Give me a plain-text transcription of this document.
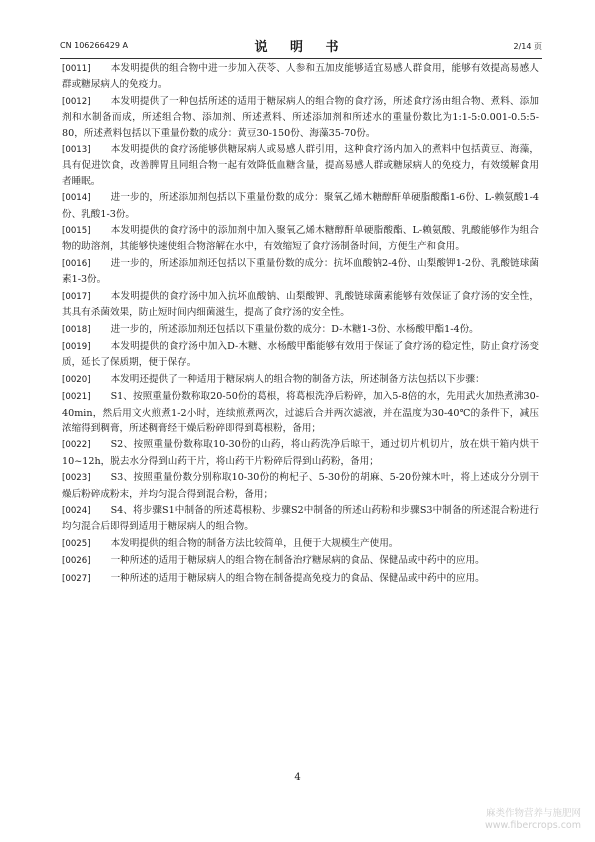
CN 106266429 A	说 明 书	2/14 页

[0011] 本发明提供的组合物中进一步加入茯苓、人参和五加皮能够适宜易感人群食用，能够有效提高易感人群或糖尿病人的免疫力。

[0012] 本发明提供了一种包括所述的适用于糖尿病人的组合物的食疗汤，所述食疗汤由组合物、煮料、添加剂和水制备而成，所述组合物、添加剂、所述煮料、所述添加剂和所述水的重量份数比为1:1-5:0.001-0.5:5-80，所述煮料包括以下重量份数的成分：黄豆30-150份、海藻35-70份。

[0013] 本发明提供的食疗汤能够供糖尿病人或易感人群引用，这种食疗汤内加入的煮料中包括黄豆、海藻，具有促进饮食，改善脾胃且同组合物一起有效降低血糖含量，提高易感人群或糖尿病人的免疫力，有效缓解食用者睡眠。

[0014] 进一步的，所述添加剂包括以下重量份数的成分：聚氧乙烯木糖醇酐单硬脂酸酯1-6份、L-赖氨酸1-4份、乳酸1-3份。

[0015] 本发明提供的食疗汤中的添加剂中加入聚氧乙烯木糖醇酐单硬脂酸酯、L-赖氨酸、乳酸能够作为组合物的助溶剂，其能够快速使组合物溶解在水中，有效缩短了食疗汤制备时间，方便生产和食用。

[0016] 进一步的，所述添加剂还包括以下重量份数的成分：抗坏血酸钠2-4份、山梨酸钾1-2份、乳酸链球菌素1-3份。

[0017] 本发明提供的食疗汤中加入抗坏血酸钠、山梨酸钾、乳酸链球菌素能够有效保证了食疗汤的安全性，其具有杀菌效果，防止短时间内细菌滋生，提高了食疗汤的安全性。

[0018] 进一步的，所述添加剂还包括以下重量份数的成分：D-木糖1-3份、水杨酸甲酯1-4份。

[0019] 本发明提供的食疗汤中加入D-木糖、水杨酸甲酯能够有效用于保证了食疗汤的稳定性，防止食疗汤变质，延长了保质期，便于保存。

[0020] 本发明还提供了一种适用于糖尿病人的组合物的制备方法，所述制备方法包括以下步骤：

[0021] S1、按照重量份数称取20-50份的葛根，将葛根洗净后粉碎，加入5-8倍的水，先用武火加热煮沸30-40min，然后用文火煎煮1-2小时，连续煎煮两次，过滤后合并两次滤液，并在温度为30-40℃的条件下，减压浓缩得到稠膏，所述稠膏经干燥后粉碎即得到葛根粉，备用；

[0022] S2、按照重量份数称取10-30份的山药，将山药洗净后晾干，通过切片机切片，放在烘干箱内烘干10~12h，脱去水分得到山药干片，将山药干片粉碎后得到山药粉，备用；

[0023] S3、按照重量份数分别称取10-30份的枸杞子、5-30份的胡麻、5-20份辣木叶，将上述成分分别干燥后粉碎成粉末，并均匀混合得到混合粉，备用；

[0024] S4、将步骤S1中制备的所述葛根粉、步骤S2中制备的所述山药粉和步骤S3中制备的所述混合粉进行均匀混合后即得到适用于糖尿病人的组合物。

[0025] 本发明提供的组合物的制备方法比较简单，且便于大规模生产使用。

[0026] 一种所述的适用于糖尿病人的组合物在制备治疗糖尿病的食品、保健品或中药中的应用。

[0027] 一种所述的适用于糖尿病人的组合物在制备提高免疫力的食品、保健品或中药中的应用。

4
麻类作物营养与施肥网
www.fibercrops.com
